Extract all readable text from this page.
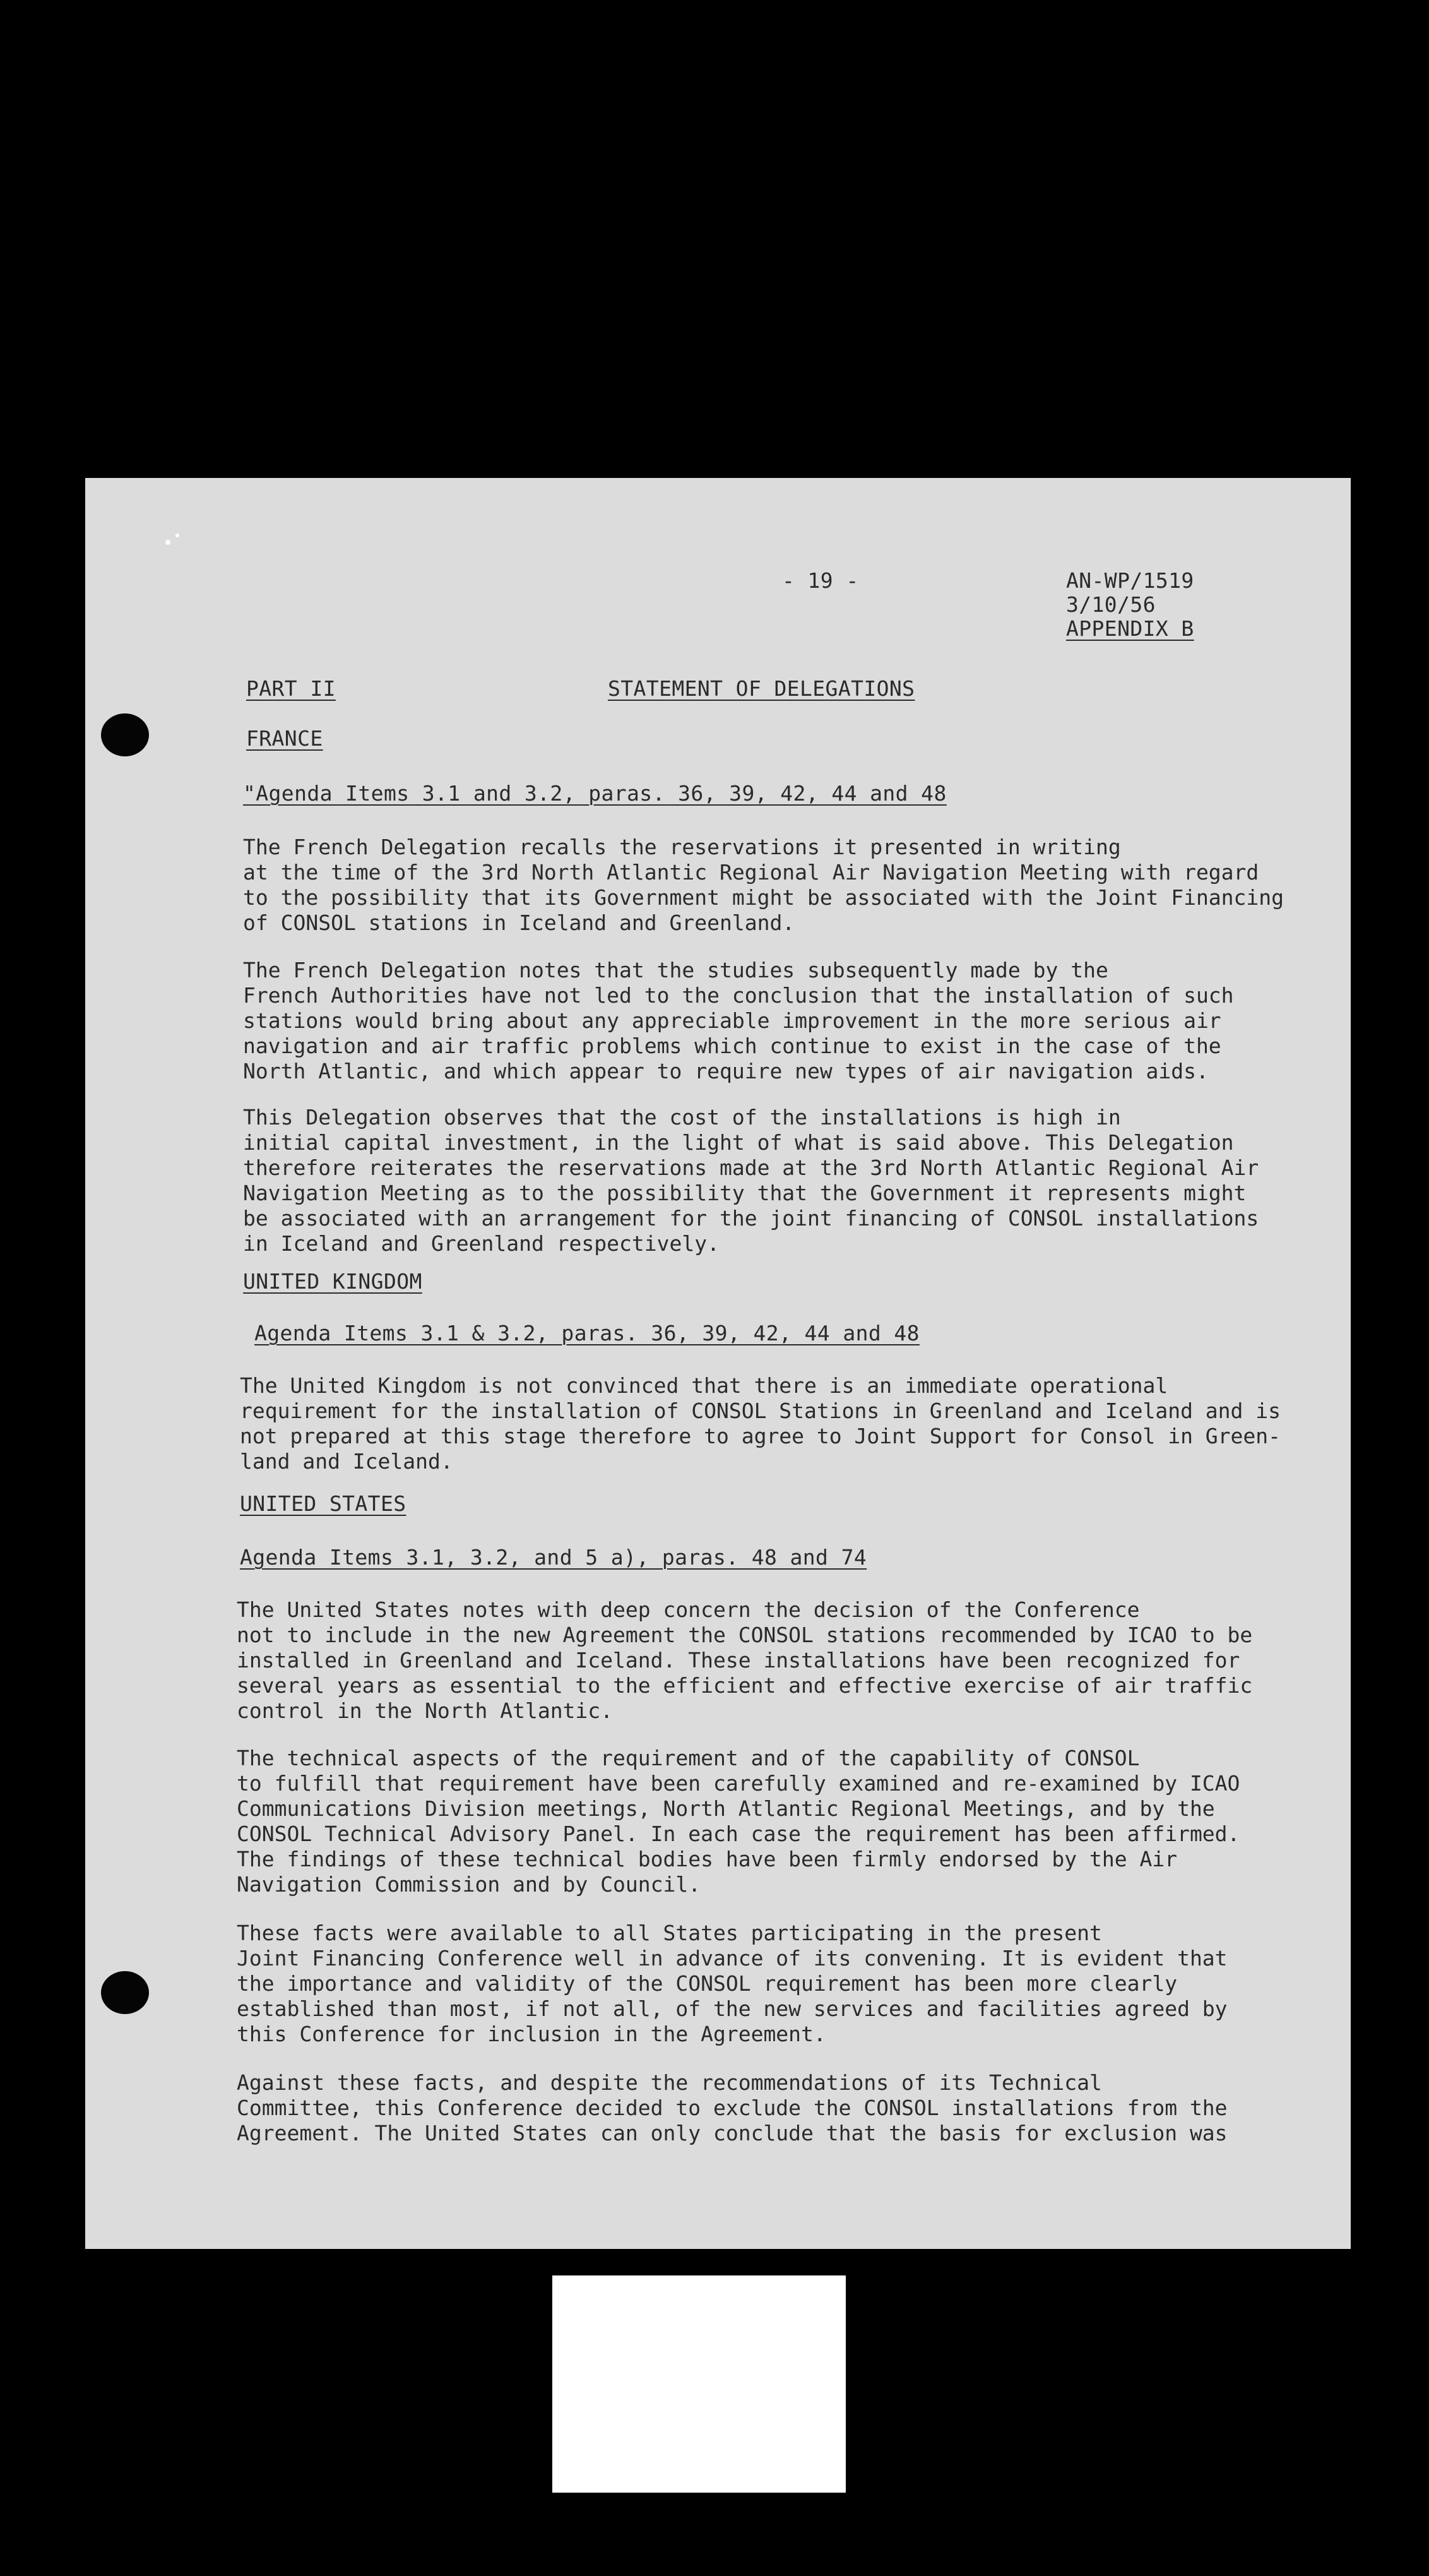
- 19 -	AN-WP/1519
3/10/56
APPENDIX B
PART II	STATEMENT OF DELEGATIONS
FRANCE
"Agenda Items 3.1 and 3.2, paras. 36, 39, 42, 44 and 48
The French Delegation recalls the reservations it presented in writing
at the time of the 3rd North Atlantic Regional Air Navigation Meeting with regard
to the possibility that its Government might be associated with the Joint Financing
of CONSOL stations in Iceland and Greenland.
The French Delegation notes that the studies subsequently made by the
French Authorities have not led to the conclusion that the installation of such
stations would bring about any appreciable improvement in the more serious air
navigation and air traffic problems which continue to exist in the case of the
North Atlantic, and which appear to require new types of air navigation aids.
This Delegation observes that the cost of the installations is high in
initial capital investment, in the light of what is said above. This Delegation
therefore reiterates the reservations made at the 3rd North Atlantic Regional Air
Navigation Meeting as to the possibility that the Government it represents might
be associated with an arrangement for the joint financing of CONSOL installations
in Iceland and Greenland respectively.
UNITED KINGDOM
Agenda Items 3.1 & 3.2, paras. 36, 39, 42, 44 and 48
The United Kingdom is not convinced that there is an immediate operational
requirement for the installation of CONSOL Stations in Greenland and Iceland and is
not prepared at this stage therefore to agree to Joint Support for Consol in Green-
land and Iceland.
UNITED STATES
Agenda Items 3.1, 3.2, and 5 a), paras. 48 and 74
The United States notes with deep concern the decision of the Conference
not to include in the new Agreement the CONSOL stations recommended by ICAO to be
installed in Greenland and Iceland. These installations have been recognized for
several years as essential to the efficient and effective exercise of air traffic
control in the North Atlantic.
The technical aspects of the requirement and of the capability of CONSOL
to fulfill that requirement have been carefully examined and re-examined by ICAO
Communications Division meetings, North Atlantic Regional Meetings, and by the
CONSOL Technical Advisory Panel. In each case the requirement has been affirmed.
The findings of these technical bodies have been firmly endorsed by the Air
Navigation Commission and by Council.
These facts were available to all States participating in the present
Joint Financing Conference well in advance of its convening. It is evident that
the importance and validity of the CONSOL requirement has been more clearly
established than most, if not all, of the new services and facilities agreed by
this Conference for inclusion in the Agreement.
Against these facts, and despite the recommendations of its Technical
Committee, this Conference decided to exclude the CONSOL installations from the
Agreement. The United States can only conclude that the basis for exclusion was
